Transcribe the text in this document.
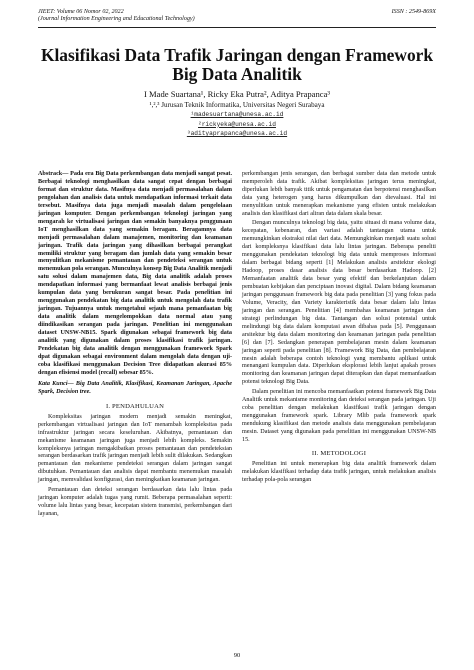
JIEET: Volume 06 Nomor 02, 2022
(Journal Information Engineering and Educational Technology)
ISSN : 2549-869X
Klasifikasi Data Trafik Jaringan dengan Framework Big Data Analitik
I Made Suartana¹, Ricky Eka Putra², Aditya Prapanca³
¹,²,³ Jurusan Teknik Informatika, Universitas Negeri Surabaya
¹madesuartana@unesa.ac.id
²rickyeka@unesa.ac.id
³adityaprapanca@unesa.ac.id

Abstrack— Pada era Big Data perkembangan data menjadi sangat pesat. Berbagai teknologi menghasilkan data sangat cepat dengan berbagai format dan struktur data. Masifnya data menjadi permasalahan dalam pengolahan dan analisis data untuk mendapatkan informasi terkait data tersebut. Masifnya data juga menjadi masalah dalam pengelolaan jaringan komputer. Dengan perkembangan teknologi jaringan yang mengarah ke virtualisasi jaringan dan semakin banyaknya penggunaan IoT menghasilkan data yang semakin beragam. Beragamnya data menjadi permasalahan dalam manajemen, monitoring dan keamanan jaringan. Trafik data jaringan yang dihasilkan berbagai perangkat memiliki struktur yang beragam dan jumlah data yang semakin besar menyulitkan mekanisme pemantauan dan pendeteksi serangan untuk menemukan pola serangan. Munculnya konsep Big Data Analitik menjadi satu solusi dalam manajemen data, Big data analitik adalah proses mendapatkan informasi yang bermanfaat lewat analisis berbagai jenis kumpulan data yang berukuran sangat besar. Pada penelitian ini menggunakan pendekatan big data analitik untuk mengolah data trafik jaringan. Tujuannya untuk mengetahui sejauh mana pemanfaatan big data analitik dalam mengelompokkan data normal atau yang diindikasikan serangan pada jaringan. Penelitian ini menggunakan dataset UNSW-NB15. Spark digunakan sebagai framework big data analitik yang digunakan dalam proses klasifikasi trafik jaringan. Pendekatan big data analitik dengan menggunakan framework Spark dpat digunakan sebagai environment dalam mengolah data dengan uji-coba klasifikasi menggunakan Decision Tree didapatkan akurasi 85% dengan efisiensi model (recall) sebesar 85%.

Kata Kunci— Big Data Analitik, Klasifikasi, Keamanan Jaringan, Apache Spark, Decision tree.

I. PENDAHULUAN

Kompleksitas jaringan modern menjadi semakin meningkat, perkembangan virtualisasi jaringan dan IoT menambah kompleksitas pada infrastruktur jaringan secara keseluruhan. Akibatnya, pemantauan dan mekanisme keamanan jaringan juga menjadi lebih kompleks. Semakin kompleksnya jaringan mengakibatkan proses pemantauan dan pendeteksian serangan berdasarkan trafik jaringan menjadi lebih sulit dilakukan. Sedangkan pemantauan dan mekanisme pendeteksi serangan dalam jaringan sangat dibutuhkan. Pemantauan dan analisis dapat membantu menemukan masalah jaringan, memvalidasi konfigurasi, dan meningkatkan keamanan jaringan.

Pemantauan dan deteksi serangan berdasarkan data lalu lintas pada jaringan komputer adalah tugas yang rumit. Beberapa permasalahan seperti: volume lalu lintas yang besar, kecepatan sistem transmisi, perkembangan dari layanan,

perkembangan jenis serangan, dan berbagai sumber data dan metode untuk memperoleh data trafik. Akibat kompleksitas jaringan terus meningkat, diperlukan lebih banyak titik untuk pengamatan dan berpotensi menghasilkan data yang heterogen yang harus dikumpulkan dan dievaluasi. Hal ini menyulitkan untuk menerapkan mekanisme yang efisien untuk melakukan analisis dan klasifikasi dari aliran data dalam skala besar.

Dengan munculnya teknologi big data, yaitu situasi di mana volume data, kecepatan, kebenaran, dan variasi adalah tantangan utama untuk memungkinkan ekstraksi nilai dari data. Memungkinkan menjadi suatu solusi dari kompleksnya klasifikasi data lalu lintas jaringan. Beberapa peneliti menggunakan pendekatan teknologi big data untuk memproses informasi dalam berbagai bidang seperti [1] Melakukan analisis arsitektur ekologi Hadoop, proses dasar analisis data besar berdasarkan Hadoop. [2] Memanfaatan analitik data besar yang efektif dan berkelanjutan dalam pembuatan kebijakan dan penciptaan inovasi digital. Dalam bidang keamanan jaringan penggunaan framework big data pada penelitian [3] yang fokus pada Volume, Veracity, dan Variety karakteristik data besar dalam lalu lintas jaringan dan serangan. Penelitian [4] membahas keamanan jaringan dan strategi perlindungan big data. Tantangan dan solusi potensial untuk melindungi big data dalam komputasi awan dibahas pada [5]. Penggunaan arsitektur big data dalam monitoring dan keamanan jaringan pada penelitian [6] dan [7]. Sedangkan penerapan pembelajaran mesin dalam keamanan jaringan seperti pada penelitian [8]. Framework Big Data, dan pembelajaran mesin adalah beberapa contoh teknologi yang membantu aplikasi untuk menangani kumpulan data. Diperlukan eksplorasi lebih lanjut apakah proses monitoring dan keamanan jaringan dapat diterapkan dan dapat memanfaatkan potensi teknologi Big Data.

Dalam penelitian ini mencoba memanfaatkan potensi framework Big Data Analitik untuk mekanisme monitoring dan deteksi serangan pada jaringan. Uji coba penelitian dengan melakukan klasifikasi trafik jaringan dengan menggunakan framework spark. Library Mlib pada framework spark mendukung klasifikasi dan metode analisis data menggunakan pembelajaran mesin. Dataset yang digunakan pada penelitian ini menggunakan UNSW-NB 15.

II. METODOLOGI

Penelitian ini untuk menerapkan big data analitik framework dalam melakukan klasifikasi terhadap data trafik jaringan, untuk melakukan analisis terhadap pola-pola serangan

90
